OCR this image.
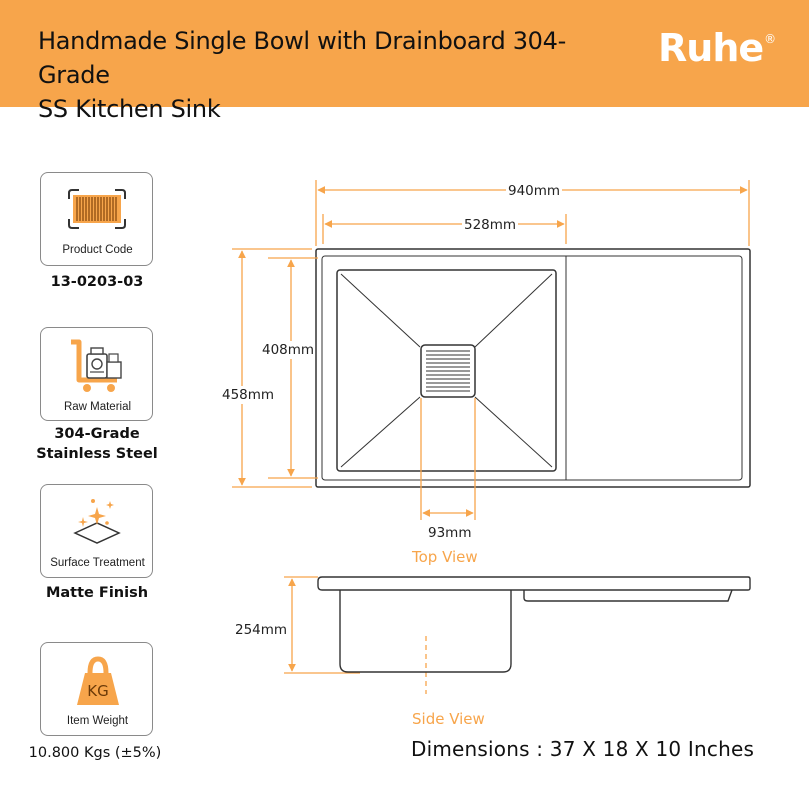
Handmade Single Bowl with Drainboard 304-Grade
SS Kitchen Sink
Ruhe®
Product Code
13-0203-03
Raw Material
304-Grade
Stainless Steel
Surface Treatment
Matte Finish
KG
Item Weight
10.800 Kgs (±5%)
940mm
528mm
408mm
458mm
93mm
Top View
254mm
Side View
Dimensions : 37 X 18 X 10 Inches
